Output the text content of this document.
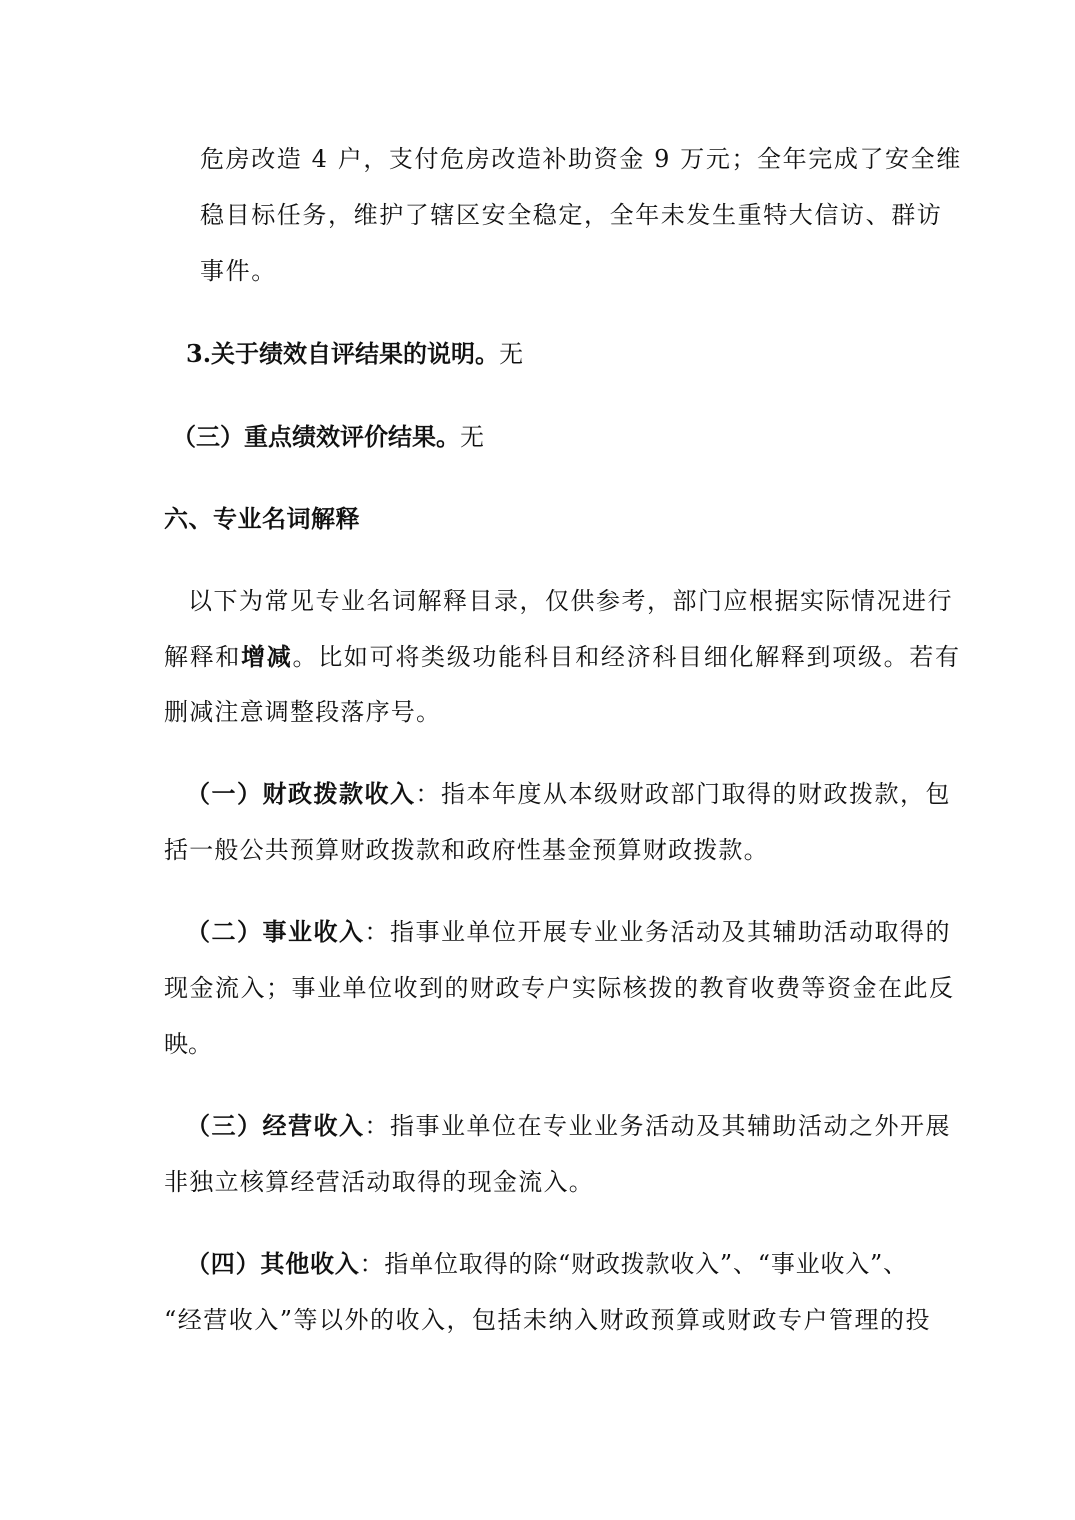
危房改造 4 户，支付危房改造补助资金 9 万元；全年完成了安全维
稳目标任务，维护了辖区安全稳定，全年未发生重特大信访、群访
事件。
3.关于绩效自评结果的说明。无
（三）重点绩效评价结果。无
六、专业名词解释
以下为常见专业名词解释目录，仅供参考，部门应根据实际情况进行
解释和增减。比如可将类级功能科目和经济科目细化解释到项级。若有
删减注意调整段落序号。
（一）财政拨款收入：指本年度从本级财政部门取得的财政拨款，包
括一般公共预算财政拨款和政府性基金预算财政拨款。
（二）事业收入：指事业单位开展专业业务活动及其辅助活动取得的
现金流入；事业单位收到的财政专户实际核拨的教育收费等资金在此反
映。
（三）经营收入：指事业单位在专业业务活动及其辅助活动之外开展
非独立核算经营活动取得的现金流入。
（四）其他收入：指单位取得的除“财政拨款收入”、“事业收入”、
“经营收入”等以外的收入，包括未纳入财政预算或财政专户管理的投
